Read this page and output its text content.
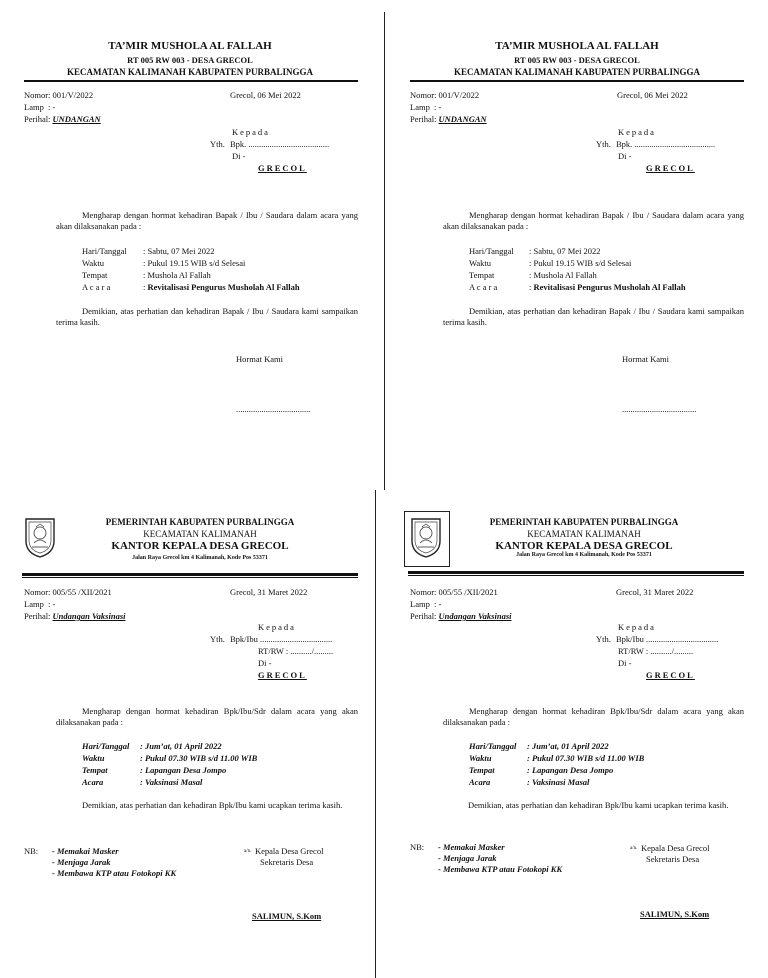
TA’MIR MUSHOLA AL FALLAH
RT 005 RW 003 - DESA GRECOL
KECAMATAN KALIMANAH KABUPATEN PURBALINGGA
Nomor : 001/V/2022
Lamp : -
Perihal : UNDANGAN
Grecol, 06 Mei 2022
Kepada
Yth. Bpk. ......................................
Di -
GRECOL
Mengharap dengan hormat kehadiran Bapak / Ibu / Saudara dalam acara yang akan dilaksanakan pada :
Hari/Tanggal : Sabtu, 07 Mei 2022
Waktu	: Pukul 19.15 WIB s/d Selesai
Tempat	: Mushola Al Fallah
A c a r a	: Revitalisasi Pengurus Musholah Al Fallah
Demikian, atas perhatian dan kehadiran Bapak / Ibu / Saudara kami sampaikan terima kasih.
Hormat Kami
...................................
TA’MIR MUSHOLA AL FALLAH
RT 005 RW 003 - DESA GRECOL
KECAMATAN KALIMANAH KABUPATEN PURBALINGGA
Nomor : 001/V/2022
Lamp : -
Perihal : UNDANGAN
Grecol, 06 Mei 2022
Kepada
Yth. Bpk. ......................................
Di -
GRECOL
Mengharap dengan hormat kehadiran Bapak / Ibu / Saudara dalam acara yang akan dilaksanakan pada :
Hari/Tanggal : Sabtu, 07 Mei 2022
Waktu	: Pukul 19.15 WIB s/d Selesai
Tempat	: Mushola Al Fallah
A c a r a	: Revitalisasi Pengurus Musholah Al Fallah
Demikian, atas perhatian dan kehadiran Bapak / Ibu / Saudara kami sampaikan terima kasih.
Hormat Kami
...................................
PEMERINTAH KABUPATEN PURBALINGGA
KECAMATAN KALIMANAH
KANTOR KEPALA DESA GRECOL
Jalan Raya Grecol km 4 Kalimanah, Kode Pos 53371
Nomor : 005/55 /XII/2021
Lamp : -
Perihal : Undangan Vaksinasi
Grecol, 31 Maret 2022
Kepada
Yth. Bpk/Ibu ..................................
RT/RW : ........../.........
Di -
GRECOL
Mengharap dengan hormat kehadiran Bpk/Ibu/Sdr dalam acara yang akan dilaksanakan pada :
Hari/Tanggal : Jum’at, 01 April 2022
Waktu	: Pukul 07.30 WIB s/d 11.00 WIB
Tempat	: Lapangan Desa Jompo
Acara	: Vaksinasi Masal
Demikian, atas perhatian dan kehadiran Bpk/Ibu kami ucapkan terima kasih.
NB: - Memakai Masker
- Menjaga Jarak
- Membawa KTP atau Fotokopi KK
a/n. Kepala Desa Grecol
Sekretaris Desa
SALIMUN, S.Kom
PEMERINTAH KABUPATEN PURBALINGGA
KECAMATAN KALIMANAH
KANTOR KEPALA DESA GRECOL
Jalan Raya Grecol km 4 Kalimanah, Kode Pos 53371
Nomor : 005/55 /XII/2021
Lamp : -
Perihal : Undangan Vaksinasi
Grecol, 31 Maret 2022
Kepada
Yth. Bpk/Ibu ..................................
RT/RW : ........../.........
Di -
GRECOL
Mengharap dengan hormat kehadiran Bpk/Ibu/Sdr dalam acara yang akan dilaksanakan pada :
Hari/Tanggal : Jum’at, 01 April 2022
Waktu	: Pukul 07.30 WIB s/d 11.00 WIB
Tempat	: Lapangan Desa Jompo
Acara	: Vaksinasi Masal
Demikian, atas perhatian dan kehadiran Bpk/Ibu kami ucapkan terima kasih.
NB: - Memakai Masker
- Menjaga Jarak
- Membawa KTP atau Fotokopi KK
a/n. Kepala Desa Grecol
Sekretaris Desa
SALIMUN, S.Kom
